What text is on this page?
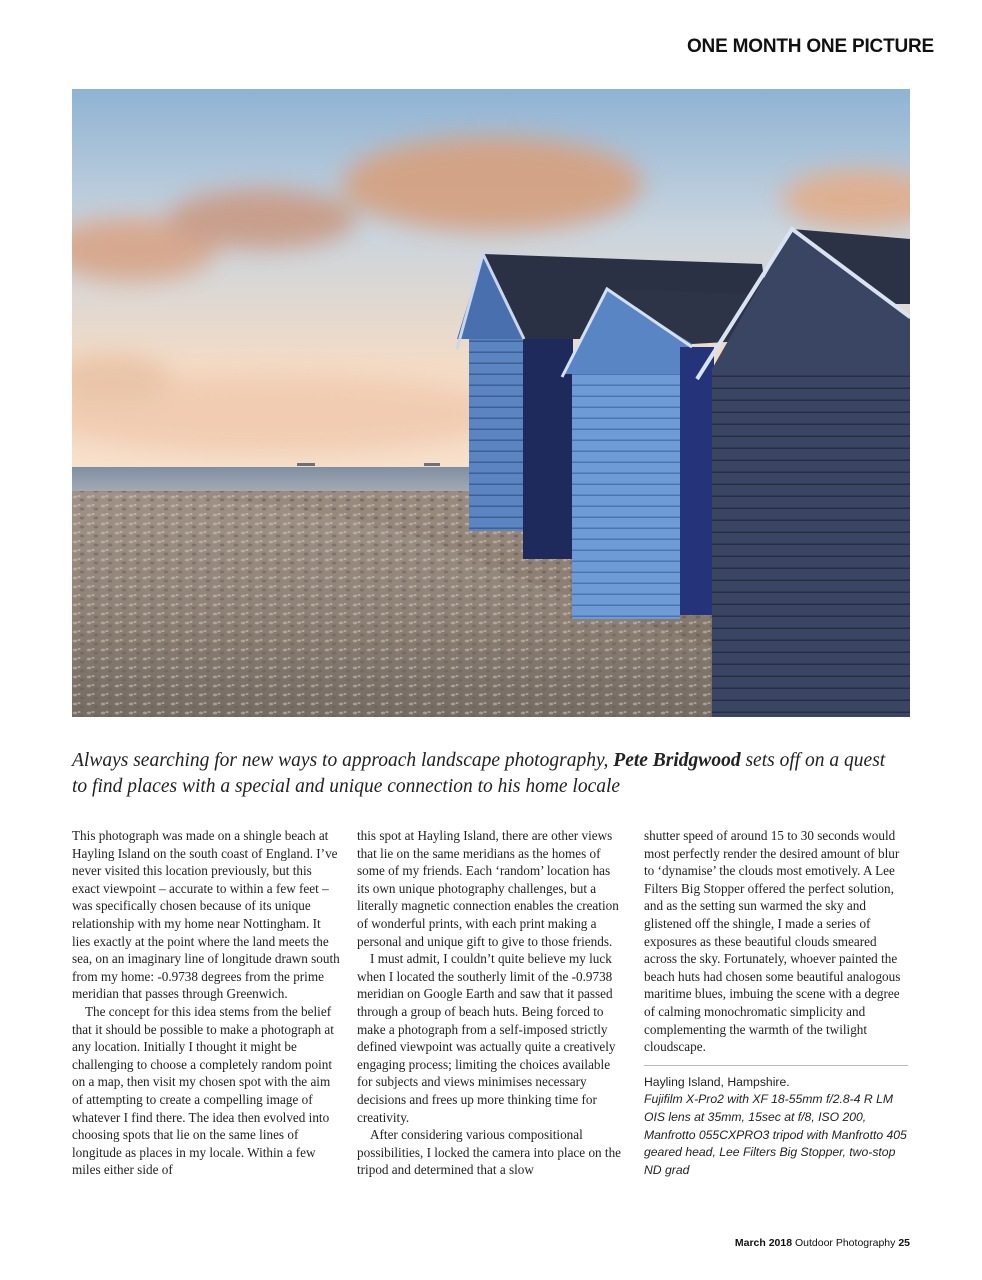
ONE MONTH ONE PICTURE

Always searching for new ways to approach landscape photography, Pete Bridgwood sets off on a quest to find places with a special and unique connection to his home locale

This photograph was made on a shingle beach at Hayling Island on the south coast of England. I’ve never visited this location previously, but this exact viewpoint – accurate to within a few feet – was specifically chosen because of its unique relationship with my home near Nottingham. It lies exactly at the point where the land meets the sea, on an imaginary line of longitude drawn south from my home: -0.9738 degrees from the prime meridian that passes through Greenwich.

The concept for this idea stems from the belief that it should be possible to make a photograph at any location. Initially I thought it might be challenging to choose a completely random point on a map, then visit my chosen spot with the aim of attempting to create a compelling image of whatever I find there. The idea then evolved into choosing spots that lie on the same lines of longitude as places in my locale. Within a few miles either side of

this spot at Hayling Island, there are other views that lie on the same meridians as the homes of some of my friends. Each ‘random’ location has its own unique photography challenges, but a literally magnetic connection enables the creation of wonderful prints, with each print making a personal and unique gift to give to those friends.

I must admit, I couldn’t quite believe my luck when I located the southerly limit of the -0.9738 meridian on Google Earth and saw that it passed through a group of beach huts. Being forced to make a photograph from a self-imposed strictly defined viewpoint was actually quite a creatively engaging process; limiting the choices available for subjects and views minimises necessary decisions and frees up more thinking time for creativity.

After considering various compositional possibilities, I locked the camera into place on the tripod and determined that a slow

shutter speed of around 15 to 30 seconds would most perfectly render the desired amount of blur to ‘dynamise’ the clouds most emotively. A Lee Filters Big Stopper offered the perfect solution, and as the setting sun warmed the sky and glistened off the shingle, I made a series of exposures as these beautiful clouds smeared across the sky. Fortunately, whoever painted the beach huts had chosen some beautiful analogous maritime blues, imbuing the scene with a degree of calming monochromatic simplicity and complementing the warmth of the twilight cloudscape.

Hayling Island, Hampshire.
Fujifilm X-Pro2 with XF 18-55mm f/2.8-4 R LM OIS lens at 35mm, 15sec at f/8, ISO 200, Manfrotto 055CXPRO3 tripod with Manfrotto 405 geared head, Lee Filters Big Stopper, two-stop ND grad
March 2018 Outdoor Photography 25
